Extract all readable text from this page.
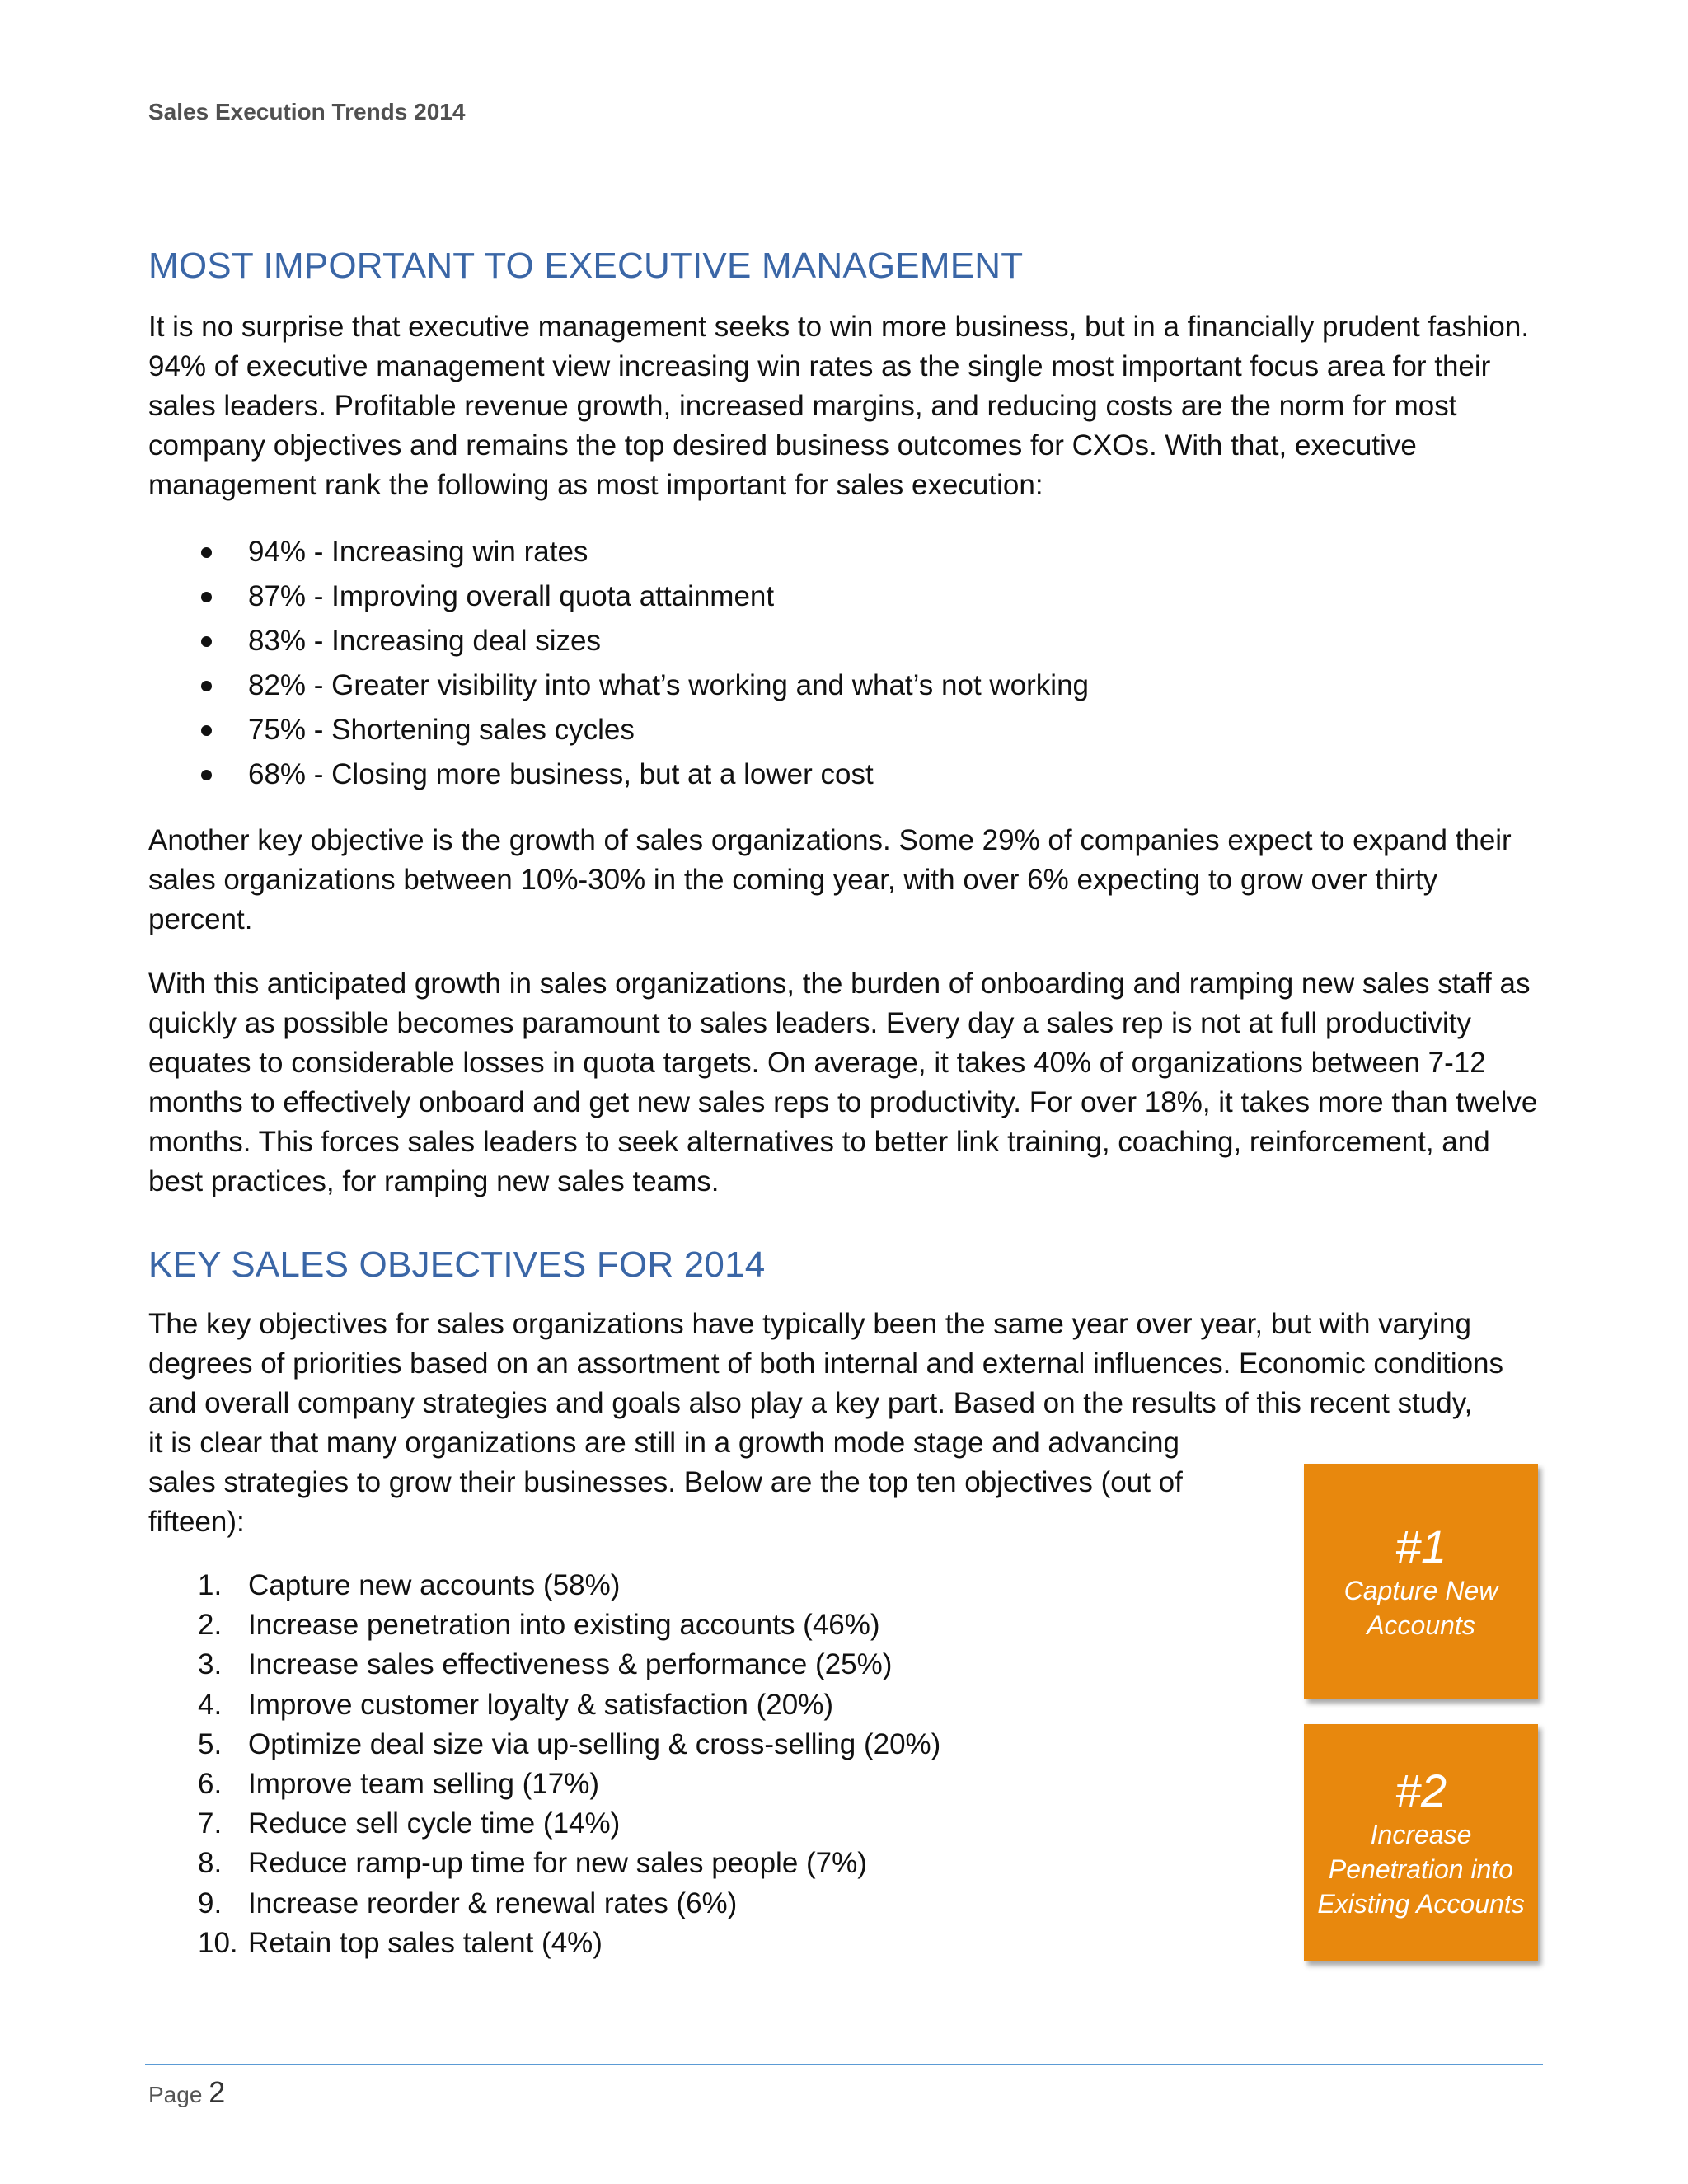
Sales Execution Trends 2014
MOST IMPORTANT TO EXECUTIVE MANAGEMENT

It is no surprise that executive management seeks to win more business, but in a financially prudent fashion. 94% of executive management view increasing win rates as the single most important focus area for their sales leaders. Profitable revenue growth, increased margins, and reducing costs are the norm for most company objectives and remains the top desired business outcomes for CXOs. With that, executive management rank the following as most important for sales execution:

94% - Increasing win rates
87% - Improving overall quota attainment
83% - Increasing deal sizes
82% - Greater visibility into what’s working and what’s not working
75% - Shortening sales cycles
68% - Closing more business, but at a lower cost

Another key objective is the growth of sales organizations. Some 29% of companies expect to expand their sales organizations between 10%-30% in the coming year, with over 6% expecting to grow over thirty percent.

With this anticipated growth in sales organizations, the burden of onboarding and ramping new sales staff as quickly as possible becomes paramount to sales leaders. Every day a sales rep is not at full productivity equates to considerable losses in quota targets. On average, it takes 40% of organizations between 7-12 months to effectively onboard and get new sales reps to productivity. For over 18%, it takes more than twelve months. This forces sales leaders to seek alternatives to better link training, coaching, reinforcement, and best practices, for ramping new sales teams.

KEY SALES OBJECTIVES FOR 2014

The key objectives for sales organizations have typically been the same year over year, but with varying degrees of priorities based on an assortment of both internal and external influences. Economic conditions and overall company strategies and goals also play a key part. Based on the results of this recent study,

it is clear that many organizations are still in a growth mode stage and advancing sales strategies to grow their businesses. Below are the top ten objectives (out of fifteen):

1. Capture new accounts (58%)
2. Increase penetration into existing accounts (46%)
3. Increase sales effectiveness & performance (25%)
4. Improve customer loyalty & satisfaction (20%)
5. Optimize deal size via up-selling & cross-selling (20%)
6. Improve team selling (17%)
7. Reduce sell cycle time (14%)
8. Reduce ramp-up time for new sales people (7%)
9. Increase reorder & renewal rates (6%)
10. Retain top sales talent (4%)
#1
Capture New Accounts
#2
Increase Penetration into Existing Accounts
Page 2
